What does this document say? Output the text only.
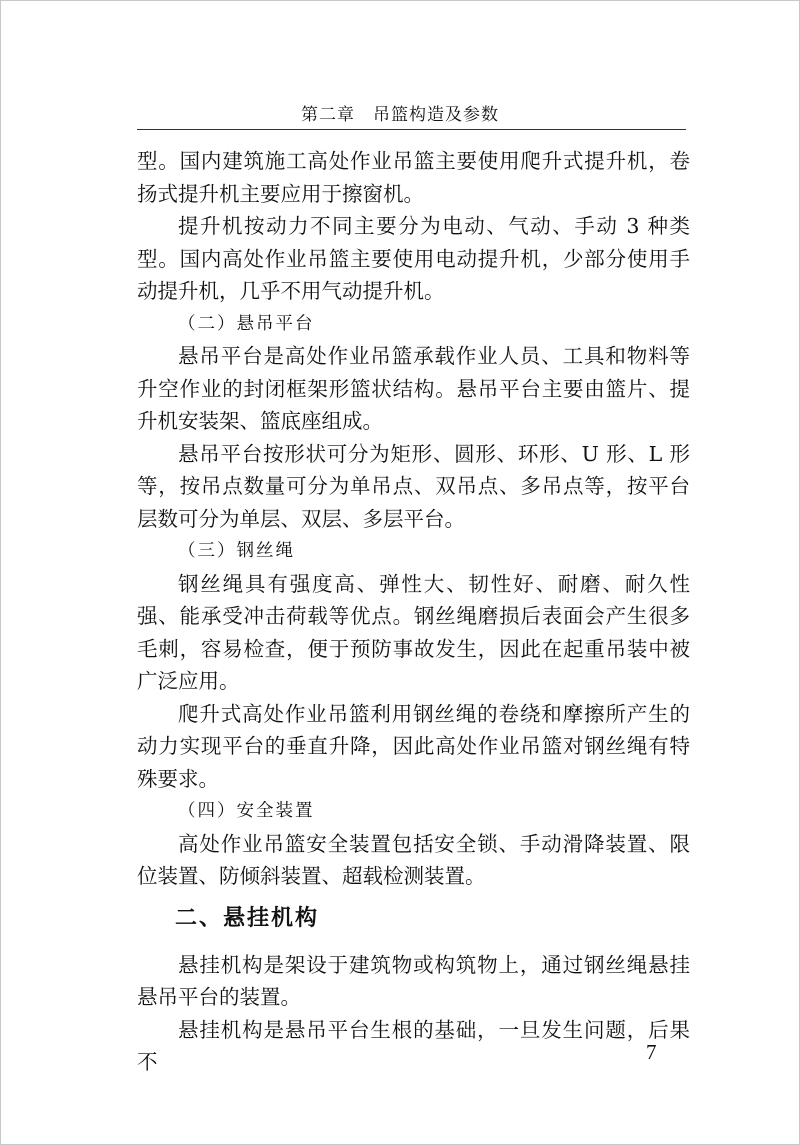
第二章　吊篮构造及参数

型。国内建筑施工高处作业吊篮主要使用爬升式提升机，卷扬式提升机主要应用于擦窗机。

提升机按动力不同主要分为电动、气动、手动 3 种类型。国内高处作业吊篮主要使用电动提升机，少部分使用手动提升机，几乎不用气动提升机。

（二）悬吊平台

悬吊平台是高处作业吊篮承载作业人员、工具和物料等升空作业的封闭框架形篮状结构。悬吊平台主要由篮片、提升机安装架、篮底座组成。

悬吊平台按形状可分为矩形、圆形、环形、U 形、L 形等，按吊点数量可分为单吊点、双吊点、多吊点等，按平台层数可分为单层、双层、多层平台。

（三）钢丝绳

钢丝绳具有强度高、弹性大、韧性好、耐磨、耐久性强、能承受冲击荷载等优点。钢丝绳磨损后表面会产生很多毛刺，容易检查，便于预防事故发生，因此在起重吊装中被广泛应用。

爬升式高处作业吊篮利用钢丝绳的卷绕和摩擦所产生的动力实现平台的垂直升降，因此高处作业吊篮对钢丝绳有特殊要求。

（四）安全装置

高处作业吊篮安全装置包括安全锁、手动滑降装置、限位装置、防倾斜装置、超载检测装置。

二、悬挂机构

悬挂机构是架设于建筑物或构筑物上，通过钢丝绳悬挂悬吊平台的装置。

悬挂机构是悬吊平台生根的基础，一旦发生问题，后果不	7
